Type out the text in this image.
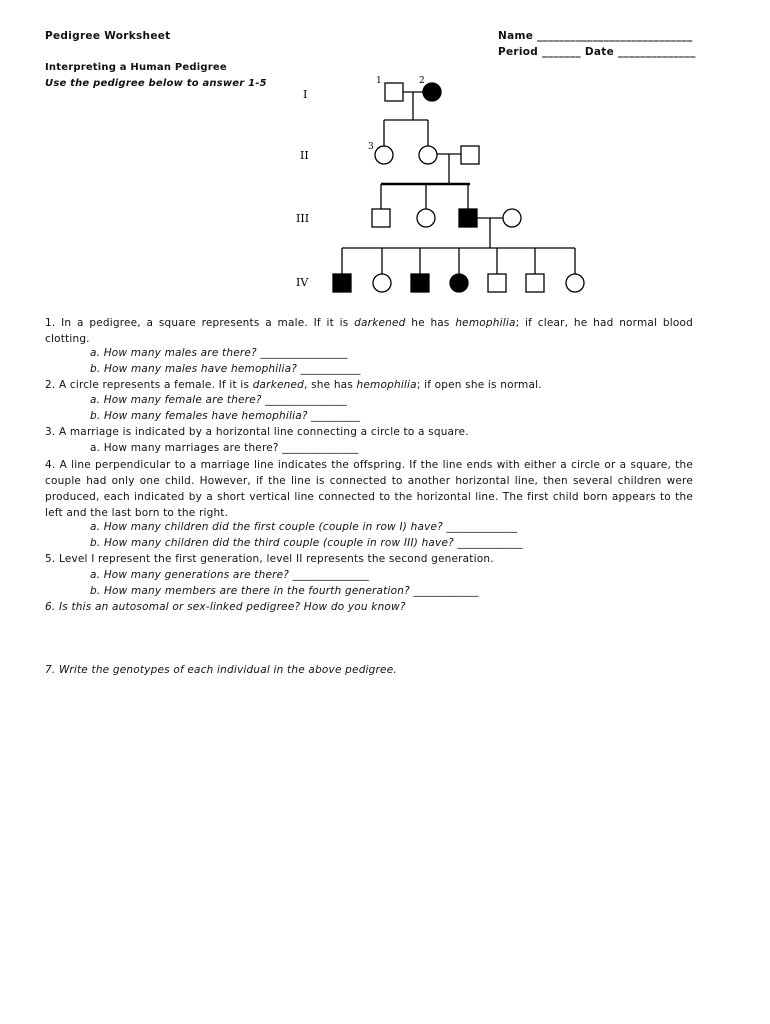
Pedigree Worksheet	Name ____________________________
Period _______ Date ______________
Interpreting a Human Pedigree
Use the pedigree below to answer 1-5
I
II
III
IV
1	2
3
1. In a pedigree, a square represents a male. If it is darkened he has hemophilia; if clear, he had normal blood clotting.
a. How many males are there? ________________
b. How many males have hemophilia? ___________
2. A circle represents a female. If it is darkened, she has hemophilia; if open she is normal.
a. How many female are there? _______________
b. How many females have hemophilia? _________
3. A marriage is indicated by a horizontal line connecting a circle to a square.
a. How many marriages are there? ______________
4. A line perpendicular to a marriage line indicates the offspring. If the line ends with either a circle or a square, the couple had only one child. However, if the line is connected to another horizontal line, then several children were produced, each indicated by a short vertical line connected to the horizontal line. The first child born appears to the left and the last born to the right.
a. How many children did the first couple (couple in row I) have? _____________
b. How many children did the third couple (couple in row III) have? ____________
5. Level I represent the first generation, level II represents the second generation.
a. How many generations are there? ______________
b. How many members are there in the fourth generation? ____________
6. Is this an autosomal or sex-linked pedigree? How do you know?
7. Write the genotypes of each individual in the above pedigree.
